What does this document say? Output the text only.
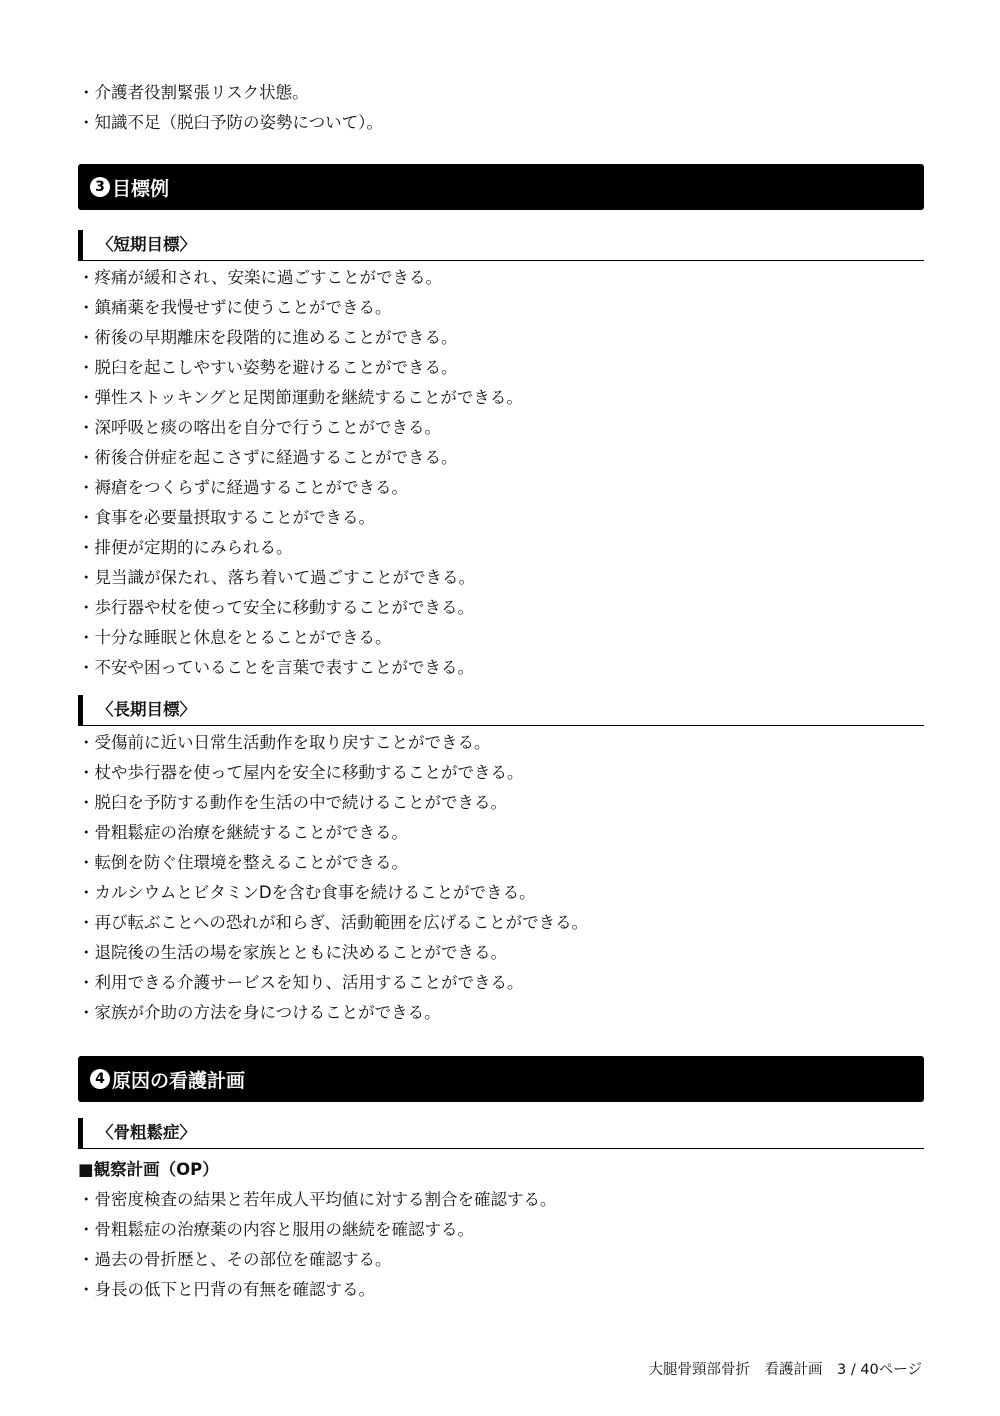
・ 介護者役割緊張リスク状態。
・ 知識不足（脱臼予防の姿勢について）。
3 目標例
〈短期目標〉
・ 疼痛が緩和され、安楽に過ごすことができる。
・ 鎮痛薬を我慢せずに使うことができる。
・ 術後の早期離床を段階的に進めることができる。
・ 脱臼を起こしやすい姿勢を避けることができる。
・ 弾性ストッキングと足関節運動を継続することができる。
・ 深呼吸と痰の喀出を自分で行うことができる。
・ 術後合併症を起こさずに経過することができる。
・ 褥瘡をつくらずに経過することができる。
・ 食事を必要量摂取することができる。
・ 排便が定期的にみられる。
・ 見当識が保たれ、落ち着いて過ごすことができる。
・ 歩行器や杖を使って安全に移動することができる。
・ 十分な睡眠と休息をとることができる。
・ 不安や困っていることを言葉で表すことができる。
〈長期目標〉
・ 受傷前に近い日常生活動作を取り戻すことができる。
・ 杖や歩行器を使って屋内を安全に移動することができる。
・ 脱臼を予防する動作を生活の中で続けることができる。
・ 骨粗鬆症の治療を継続することができる。
・ 転倒を防ぐ住環境を整えることができる。
・ カルシウムとビタミンDを含む食事を続けることができる。
・ 再び転ぶことへの恐れが和らぎ、活動範囲を広げることができる。
・ 退院後の生活の場を家族とともに決めることができる。
・ 利用できる介護サービスを知り、活用することができる。
・ 家族が介助の方法を身につけることができる。
4 原因の看護計画
〈骨粗鬆症〉
■観察計画（OP）
・ 骨密度検査の結果と若年成人平均値に対する割合を確認する。
・ 骨粗鬆症の治療薬の内容と服用の継続を確認する。
・ 過去の骨折歴と、その部位を確認する。
・ 身長の低下と円背の有無を確認する。
大腿骨頸部骨折　看護計画　 3 / 40ページ
